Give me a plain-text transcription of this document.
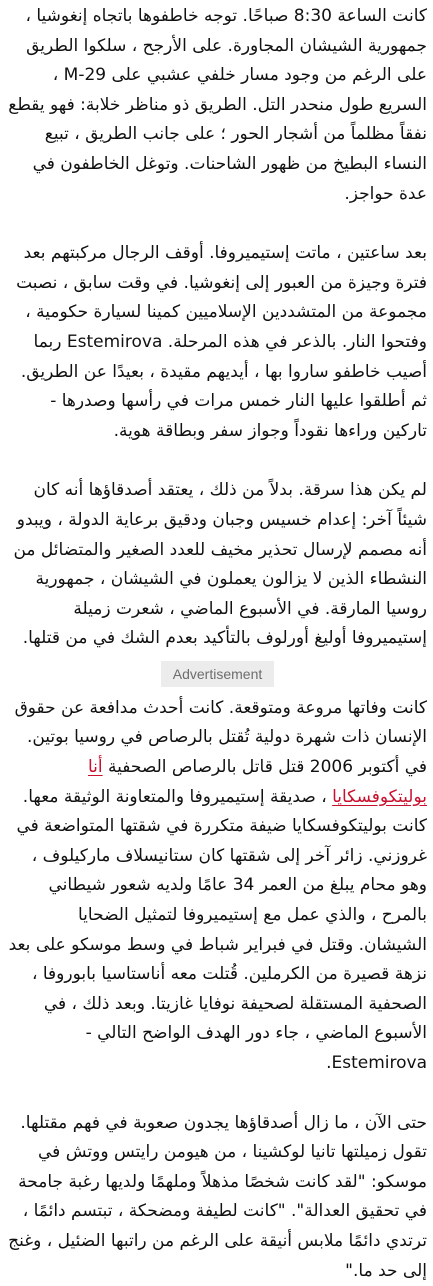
كانت الساعة 8:30 صباحًا. توجه خاطفوها باتجاه إنغوشيا ، جمهورية الشيشان المجاورة. على الأرجح ، سلكوا الطريق على الرغم من وجود مسار خلفي عشبي على M-29 ، السريع طول منحدر التل. الطريق ذو مناظر خلابة: فهو يقطع نفقاً مظلماً من أشجار الحور ؛ على جانب الطريق ، تبيع النساء البطيخ من ظهور الشاحنات. وتوغل الخاطفون في عدة حواجز.

بعد ساعتين ، ماتت إستيميروفا. أوقف الرجال مركبتهم بعد فترة وجيزة من العبور إلى إنغوشيا. في وقت سابق ، نصبت مجموعة من المتشددين الإسلاميين كمينا لسيارة حكومية ، وفتحوا النار. بالذعر في هذه المرحلة. Estemirova ربما أصيب خاطفو ساروا بها ، أيديهم مقيدة ، بعيدًا عن الطريق. ثم أطلقوا عليها النار خمس مرات في رأسها وصدرها - تاركين وراءها نقوداً وجواز سفر وبطاقة هوية.

لم يكن هذا سرقة. بدلاً من ذلك ، يعتقد أصدقاؤها أنه كان شيئاً آخر: إعدام خسيس وجبان ودقيق برعاية الدولة ، ويبدو أنه مصمم لإرسال تحذير مخيف للعدد الصغير والمتضائل من النشطاء الذين لا يزالون يعملون في الشيشان ، جمهورية روسيا المارقة. في الأسبوع الماضي ، شعرت زميلة إستيميروفا أوليغ أورلوف بالتأكيد بعدم الشك في من قتلها.

Advertisement

كانت وفاتها مروعة ومتوقعة. كانت أحدث مدافعة عن حقوق الإنسان ذات شهرة دولية تُقتل بالرصاص في روسيا بوتين. في أكتوبر 2006 قتل قاتل بالرصاص الصحفية أنا بوليتكوفسكايا ، صديقة إستيميروفا والمتعاونة الوثيقة معها. كانت بوليتكوفسكايا ضيفة متكررة في شقتها المتواضعة في غروزني. زائر آخر إلى شقتها كان ستانيسلاف ماركيلوف ، وهو محام يبلغ من العمر 34 عامًا ولديه شعور شيطاني بالمرح ، والذي عمل مع إستيميروفا لتمثيل الضحايا الشيشان. وقتل في فبراير شباط في وسط موسكو على بعد نزهة قصيرة من الكرملين. قُتلت معه أناستاسيا بابوروفا ، الصحفية المستقلة لصحيفة نوفايا غازيتا. وبعد ذلك ، في الأسبوع الماضي ، جاء دور الهدف الواضح التالي - Estemirova.

حتى الآن ، ما زال أصدقاؤها يجدون صعوبة في فهم مقتلها. تقول زميلتها تانيا لوكشينا ، من هيومن رايتس ووتش في موسكو: "لقد كانت شخصًا مذهلاً وملهمًا ولديها رغبة جامحة في تحقيق العدالة". "كانت لطيفة ومضحكة ، تبتسم دائمًا ، ترتدي دائمًا ملابس أنيقة على الرغم من راتبها الضئيل ، وغنج إلى حد ما."
